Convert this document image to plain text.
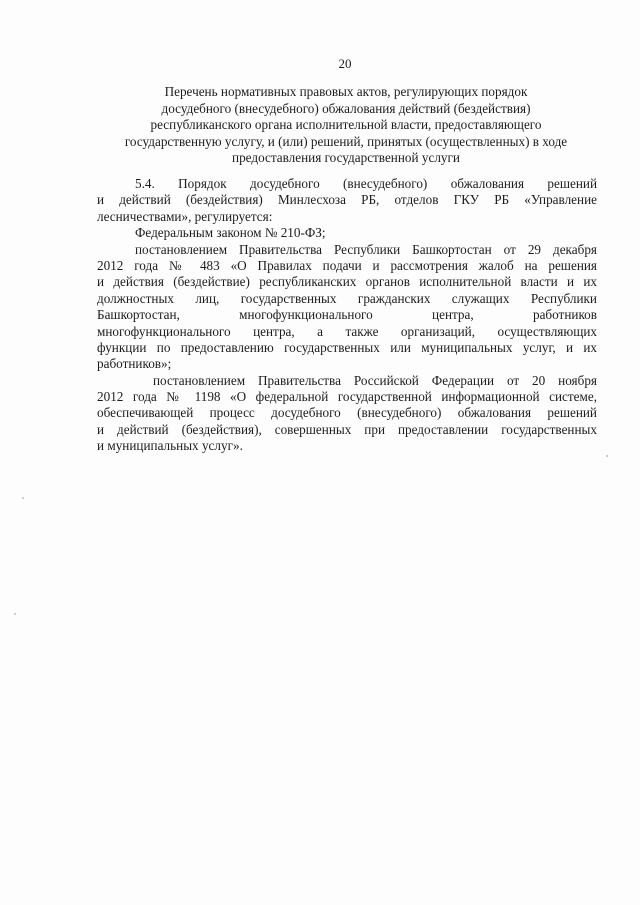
20
Перечень нормативных правовых актов, регулирующих порядок
досудебного (внесудебного) обжалования действий (бездействия)
республиканского органа исполнительной власти, предоставляющего
государственную услугу, и (или) решений, принятых (осуществленных) в ходе
предоставления государственной услуги
5.4. Порядок досудебного (внесудебного) обжалования решений
и действий (бездействия) Минлесхоза РБ, отделов ГКУ РБ «Управление
лесничествами», регулируется:
Федеральным законом № 210-ФЗ;
постановлением Правительства Республики Башкортостан от 29 декабря
2012 года № 483 «О Правилах подачи и рассмотрения жалоб на решения
и действия (бездействие) республиканских органов исполнительной власти и их
должностных лиц, государственных гражданских служащих Республики
Башкортостан, многофункционального центра, работников
многофункционального центра, а также организаций, осуществляющих
функции по предоставлению государственных или муниципальных услуг, и их
работников»;
постановлением Правительства Российской Федерации от 20 ноября
2012 года № 1198 «О федеральной государственной информационной системе,
обеспечивающей процесс досудебного (внесудебного) обжалования решений
и действий (бездействия), совершенных при предоставлении государственных
и муниципальных услуг».
